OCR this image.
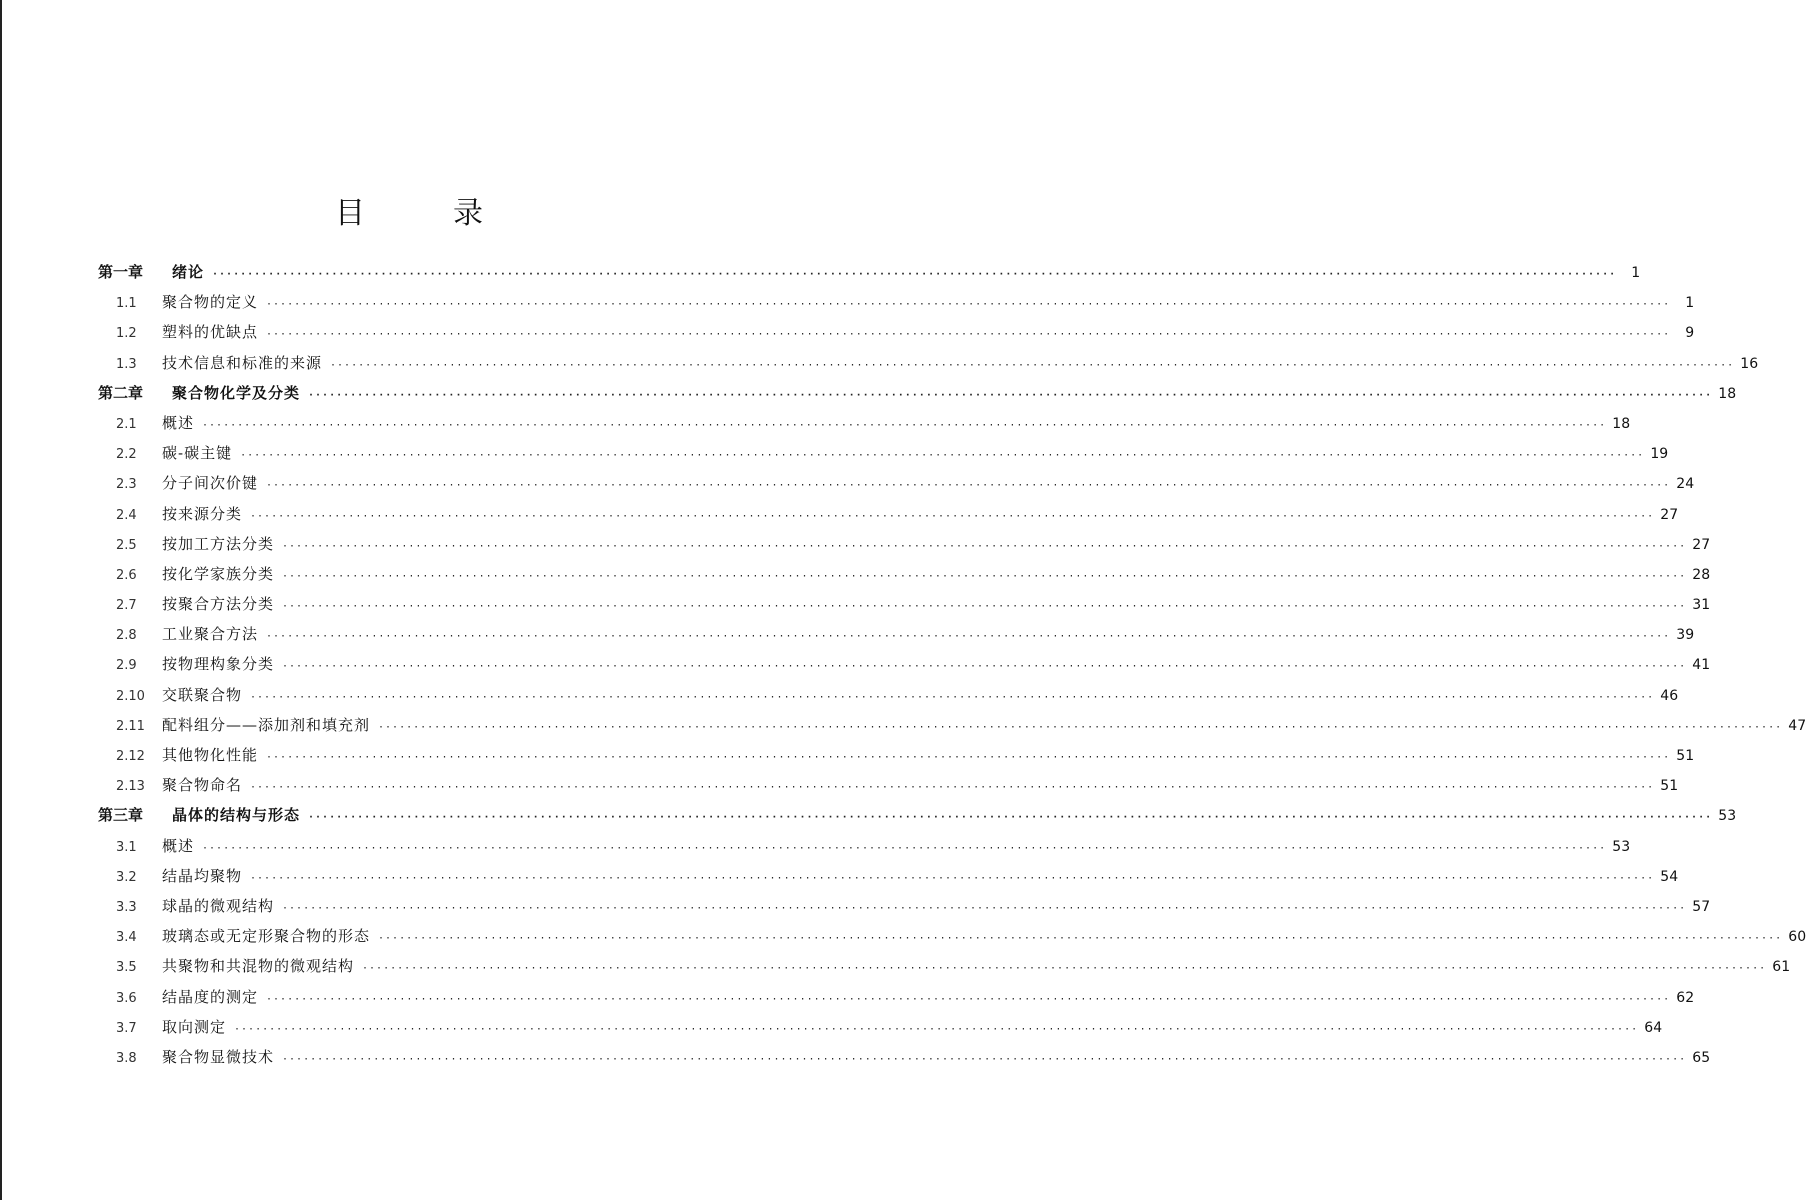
目	录
第一章	绪论 ········································································································································································································	1
1.1	聚合物的定义 ········································································································································································································	1
1.2	塑料的优缺点 ········································································································································································································	9
1.3	技术信息和标准的来源 ········································································································································································································ 16
第二章	聚合物化学及分类 ········································································································································································································ 18
2.1	概述 ········································································································································································································ 18
2.2	碳-碳主键 ········································································································································································································ 19
2.3	分子间次价键 ········································································································································································································ 24
2.4	按来源分类 ········································································································································································································ 27
2.5	按加工方法分类 ········································································································································································································ 27
2.6	按化学家族分类 ········································································································································································································ 28
2.7	按聚合方法分类 ········································································································································································································ 31
2.8	工业聚合方法 ········································································································································································································ 39
2.9	按物理构象分类 ········································································································································································································ 41
2.10	交联聚合物 ········································································································································································································ 46
2.11	配料组分——添加剂和填充剂 ········································································································································································································ 47
2.12	其他物化性能 ········································································································································································································ 51
2.13	聚合物命名 ········································································································································································································ 51
第三章	晶体的结构与形态 ········································································································································································································ 53
3.1	概述 ········································································································································································································ 53
3.2	结晶均聚物 ········································································································································································································ 54
3.3	球晶的微观结构 ········································································································································································································ 57
3.4	玻璃态或无定形聚合物的形态 ········································································································································································································ 60
3.5	共聚物和共混物的微观结构 ········································································································································································································ 61
3.6	结晶度的测定 ········································································································································································································ 62
3.7	取向测定 ········································································································································································································ 64
3.8	聚合物显微技术 ········································································································································································································ 65
